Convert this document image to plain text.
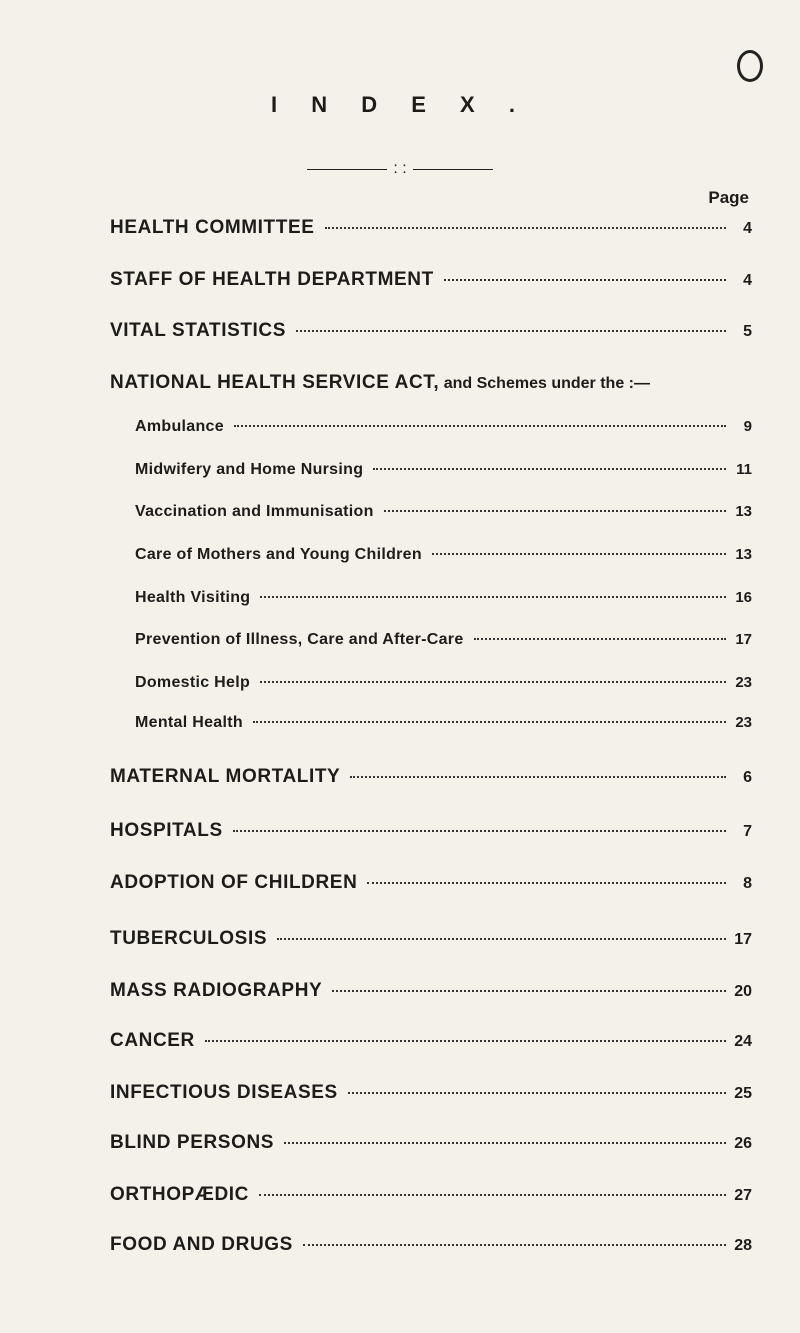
I N D E X .
: :
Page
HEALTH COMMITTEE	4
STAFF OF HEALTH DEPARTMENT	4
VITAL STATISTICS	5
NATIONAL HEALTH SERVICE ACT, and Schemes under the :—
Ambulance	9
Midwifery and Home Nursing	11
Vaccination and Immunisation	13
Care of Mothers and Young Children	13
Health Visiting	16
Prevention of Illness, Care and After-Care	17
Domestic Help	23
Mental Health	23
MATERNAL MORTALITY	6
HOSPITALS	7
ADOPTION OF CHILDREN	8
TUBERCULOSIS	17
MASS RADIOGRAPHY	20
CANCER	24
INFECTIOUS DISEASES	25
BLIND PERSONS	26
ORTHOPÆDIC	27
FOOD AND DRUGS	28
